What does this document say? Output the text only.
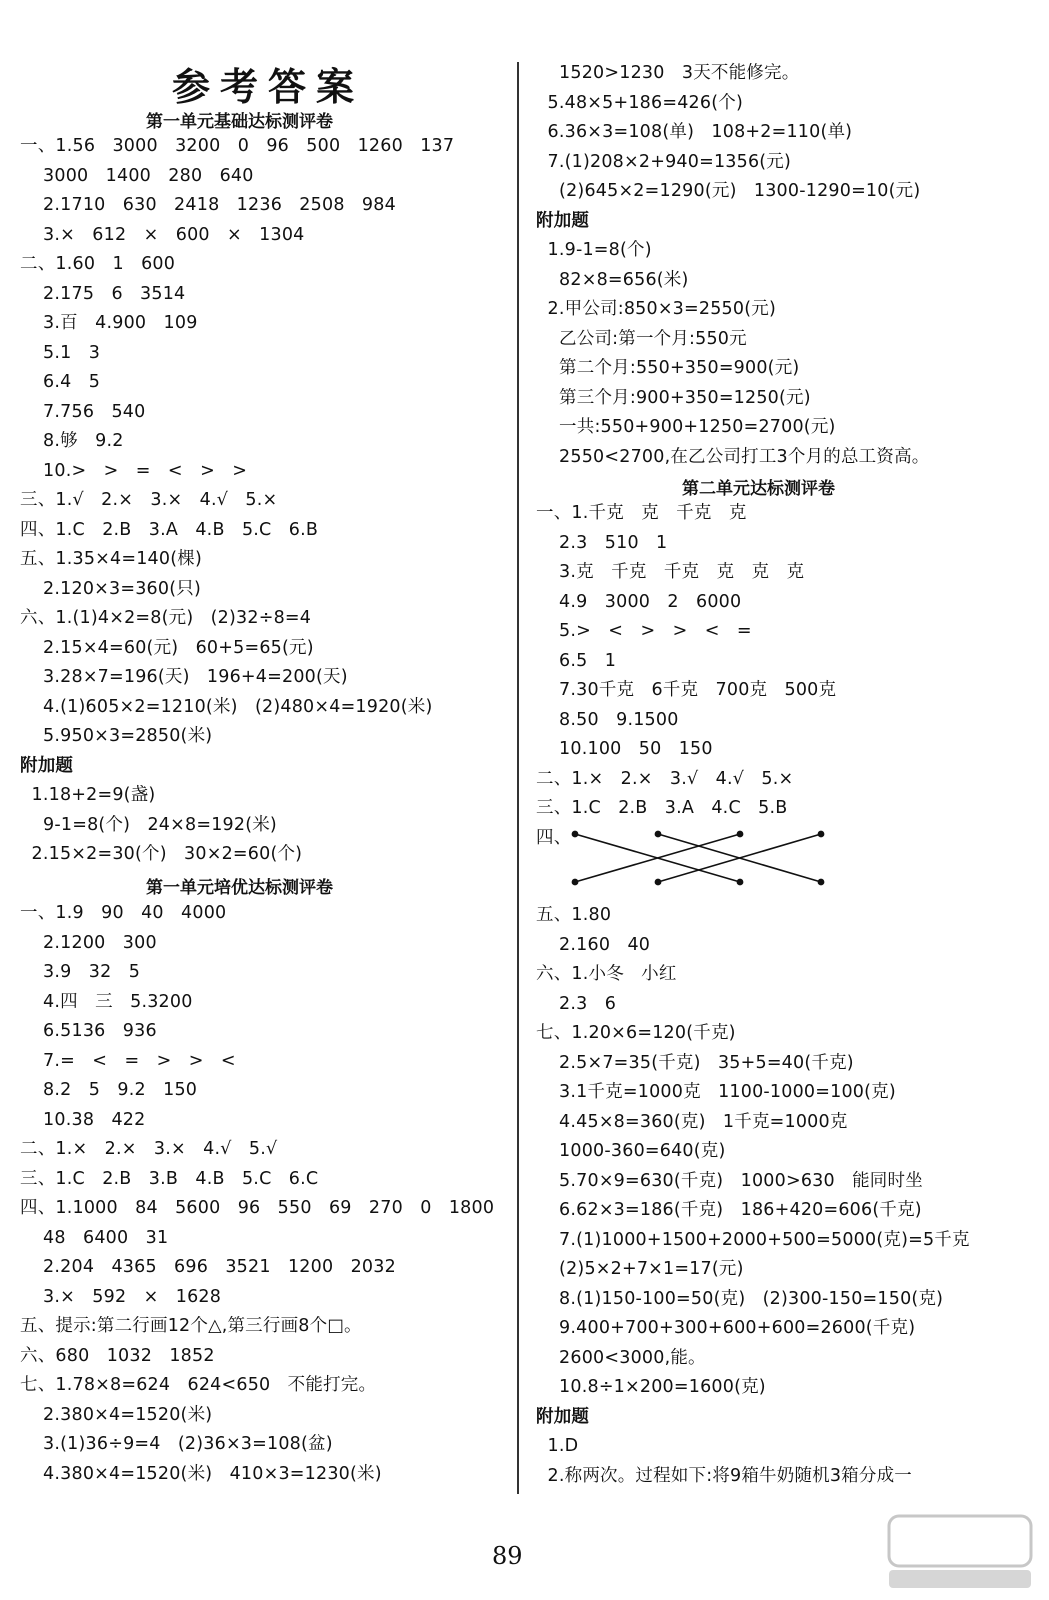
参考答案
第一单元基础达标测评卷
一、1.56   3000   3200   0   96   500   1260   137
3000   1400   280   640
2.1710   630   2418   1236   2508   984
3.×   612   ×   600   ×   1304
二、1.60   1   600
2.175   6   3514
3.百   4.900   109
5.1   3
6.4   5
7.756   540
8.够   9.2
10.>   >   =   <   >   >
三、1.√   2.×   3.×   4.√   5.×
四、1.C   2.B   3.A   4.B   5.C   6.B
五、1.35×4=140(棵)
2.120×3=360(只)
六、1.(1)4×2=8(元)   (2)32÷8=4
2.15×4=60(元)   60+5=65(元)
3.28×7=196(天)   196+4=200(天)
4.(1)605×2=1210(米)   (2)480×4=1920(米)
5.950×3=2850(米)
附加题
1.18+2=9(盏)
9-1=8(个)   24×8=192(米)
2.15×2=30(个)   30×2=60(个)
第一单元培优达标测评卷
一、1.9   90   40   4000
2.1200   300
3.9   32   5
4.四   三   5.3200
6.5136   936
7.=   <   =   >   >   <
8.2   5   9.2   150
10.38   422
二、1.×   2.×   3.×   4.√   5.√
三、1.C   2.B   3.B   4.B   5.C   6.C
四、1.1000   84   5600   96   550   69   270   0   1800
48   6400   31
2.204   4365   696   3521   1200   2032
3.×   592   ×   1628
五、提示:第二行画12个△,第三行画8个□。
六、680   1032   1852
七、1.78×8=624   624<650   不能打完。
2.380×4=1520(米)
3.(1)36÷9=4   (2)36×3=108(盆)
4.380×4=1520(米)   410×3=1230(米)
1520>1230   3天不能修完。
5.48×5+186=426(个)
6.36×3=108(单)   108+2=110(单)
7.(1)208×2+940=1356(元)
(2)645×2=1290(元)   1300-1290=10(元)
附加题
1.9-1=8(个)
82×8=656(米)
2.甲公司:850×3=2550(元)
乙公司:第一个月:550元
第二个月:550+350=900(元)
第三个月:900+350=1250(元)
一共:550+900+1250=2700(元)
2550<2700,在乙公司打工3个月的总工资高。
第二单元达标测评卷
一、1.千克   克   千克   克
2.3   510   1
3.克   千克   千克   克   克   克
4.9   3000   2   6000
5.>   <   >   >   <   =
6.5   1
7.30千克   6千克   700克   500克
8.50   9.1500
10.100   50   150
二、1.×   2.×   3.√   4.√   5.×
三、1.C   2.B   3.A   4.C   5.B
四、
五、1.80
2.160   40
六、1.小冬   小红
2.3   6
七、1.20×6=120(千克)
2.5×7=35(千克)   35+5=40(千克)
3.1千克=1000克   1100-1000=100(克)
4.45×8=360(克)   1千克=1000克
1000-360=640(克)
5.70×9=630(千克)   1000>630   能同时坐
6.62×3=186(千克)   186+420=606(千克)
7.(1)1000+1500+2000+500=5000(克)=5千克
(2)5×2+7×1=17(元)
8.(1)150-100=50(克)   (2)300-150=150(克)
9.400+700+300+600+600=2600(千克)
2600<3000,能。
10.8÷1×200=1600(克)
附加题
1.D
2.称两次。过程如下:将9箱牛奶随机3箱分成一
89
